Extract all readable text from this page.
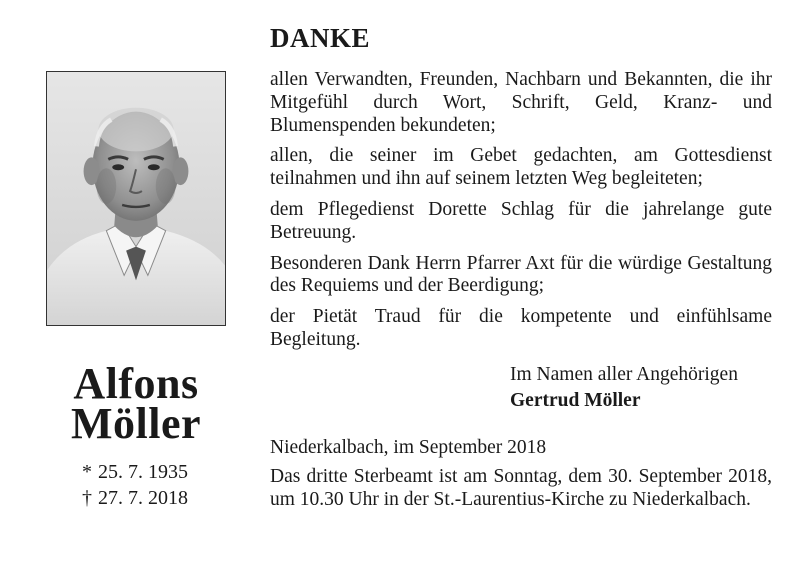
Alfons
Möller
* 25. 7. 1935
† 27. 7. 2018
DANKE

allen Verwandten, Freunden, Nachbarn und Bekannten, die ihr Mitgefühl durch Wort, Schrift, Geld, Kranz- und Blumenspenden bekundeten;

allen, die seiner im Gebet gedachten, am Gottesdienst teilnahmen und ihn auf seinem letzten Weg begleiteten;

dem Pflegedienst Dorette Schlag für die jahrelange gute Betreuung.

Besonderen Dank Herrn Pfarrer Axt für die würdige Gestaltung des Requiems und der Beerdigung;

der Pietät Traud für die kompetente und einfühlsame Begleitung.

Im Namen aller Angehörigen
Gertrud Möller
Niederkalbach, im September 2018
Das dritte Sterbeamt ist am Sonntag, dem 30. September 2018, um 10.30 Uhr in der St.-Laurentius-Kirche zu Niederkalbach.
